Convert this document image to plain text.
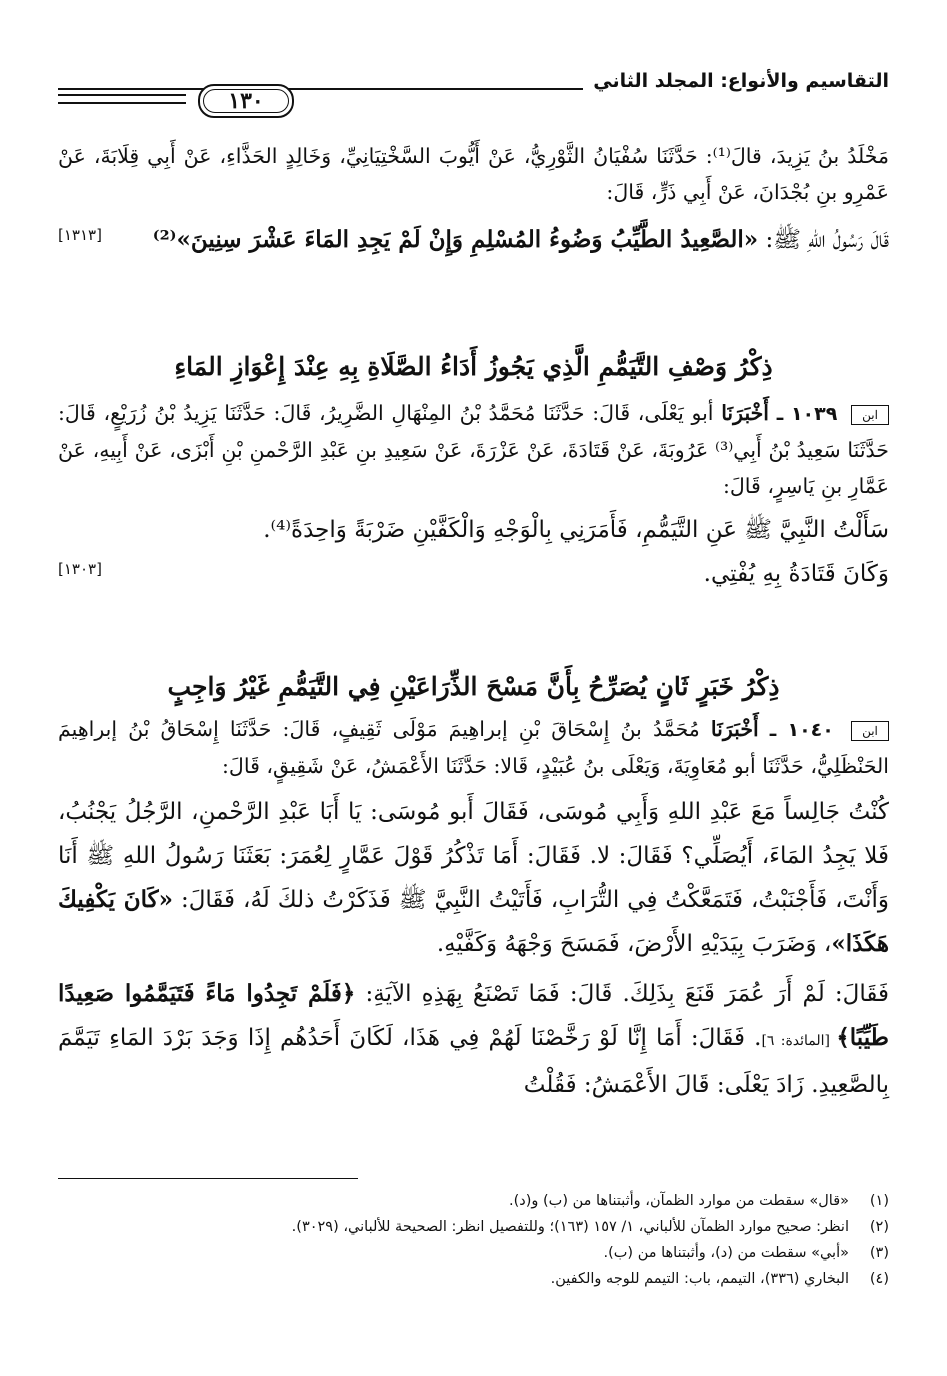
التقاسيم والأنواع: المجلد الثاني
١٣٠

مَخْلَدُ بنُ يَزِيدَ، قالَ⁽¹⁾: حَدَّثَنَا سُفْيَانُ الثَّوْرِيُّ، عَنْ أَيُّوبَ السَّخْتِيَانِيِّ، وَخَالِدٍ الحَذَّاءِ، عَنْ أَبِي قِلَابَةَ، عَنْ عَمْرِو بنِ بُجْدَانَ، عَنْ أَبِي ذَرٍّ، قَالَ:

قَالَ رَسُولُ اللهِ ﷺ: «الصَّعِيدُ الطَّيِّبُ وَضُوءُ المُسْلِمِ وَإِنْ لَمْ يَجِدِ المَاءَ عَشْرَ سِنِينَ»⁽²⁾
[١٣١٣]

ذِكْرُ وَصْفِ التَّيَمُّمِ الَّذِي يَجُوزُ أَدَاءُ الصَّلَاةِ بِهِ عِنْدَ إِعْوَازِ المَاءِ

ابن ١٠٣٩ ـ أَخْبَرَنَا أبو يَعْلَى، قَالَ: حَدَّثَنَا مُحَمَّدُ بْنُ المِنْهَالِ الضَّرِيرُ، قَالَ: حَدَّثَنَا يَزِيدُ بْنُ زُرَيْعٍ، قَالَ: حَدَّثَنَا سَعِيدُ بْنُ أَبِي⁽³⁾ عَرُوبَةَ، عَنْ قَتَادَةَ، عَنْ عَزْرَةَ، عَنْ سَعِيدِ بنِ عَبْدِ الرَّحْمنِ بْنِ أَبْزَى، عَنْ أَبِيهِ، عَنْ عَمَّارِ بنِ يَاسِرٍ، قَالَ:

سَأَلْتُ النَّبِيَّ ﷺ عَنِ التَّيَمُّمِ، فَأَمَرَنِي بِالْوَجْهِ وَالْكَفَّيْنِ ضَرْبَةً وَاحِدَةً⁽⁴⁾.

وَكَانَ قَتَادَةُ بِهِ يُفْتِي.
[١٣٠٣]

ذِكْرُ خَبَرٍ ثَانٍ يُصَرِّحُ بِأَنَّ مَسْحَ الذِّرَاعَيْنِ فِي التَّيَمُّمِ غَيْرُ وَاجِبٍ

ابن ١٠٤٠ ـ أَخْبَرَنَا مُحَمَّدُ بنُ إِسْحَاقَ بْنِ إبراهِيمَ مَوْلَى ثَقِيفٍ، قَالَ: حَدَّثَنَا إِسْحَاقُ بْنُ إبراهِيمَ الحَنْظَلِيُّ، حَدَّثَنَا أبو مُعَاوِيَةَ، وَيَعْلَى بنُ عُبَيْدٍ، قَالا: حَدَّثَنَا الأَعْمَشُ، عَنْ شَقِيقٍ، قَالَ:

كُنْتُ جَالِساً مَعَ عَبْدِ اللهِ وَأَبِي مُوسَى، فَقَالَ أَبو مُوسَى: يَا أَبَا عَبْدِ الرَّحْمنِ، الرَّجُلُ يَجْنُبُ، فَلا يَجِدُ المَاءَ، أَيُصَلِّي؟ فَقَالَ: لا. فَقَالَ: أَمَا تَذْكُرُ قَوْلَ عَمَّارٍ لِعُمَرَ: بَعَثَنَا رَسُولُ اللهِ ﷺ أَنَا وَأَنْتَ، فَأَجْنَبْتُ، فَتَمَعَّكْتُ فِي التُّرَابِ، فَأَتَيْتُ النَّبِيَّ ﷺ فَذَكَرْتُ ذلكَ لَهُ، فَقَالَ: «كَانَ يَكْفِيكَ هَكَذَا»، وَضَرَبَ بِيَدَيْهِ الأَرْضَ، فَمَسَحَ وَجْهَهُ وَكَفَّيْهِ.

فَقَالَ: لَمْ أَرَ عُمَرَ قَنَعَ بِذَلِكَ. قَالَ: فَمَا تَصْنَعُ بِهَذِهِ الآيَةِ: ﴿فَلَمْ تَجِدُوا مَاءً فَتَيَمَّمُوا صَعِيدًا طَيِّبًا﴾ [المائدة: ٦]. فَقَالَ: أَمَا إِنَّا لَوْ رَخَّصْنَا لَهُمْ فِي هَذَا، لَكَانَ أَحَدُهُم إِذَا وَجَدَ بَرْدَ المَاءِ تَيَمَّمَ بِالصَّعِيدِ. زَادَ يَعْلَى: قَالَ الأَعْمَشُ: فَقُلْتُ

(١)«قال» سقطت من موارد الظمآن، وأثبتناها من (ب) و(د).
(٢)انظر: صحيح موارد الظمآن للألباني، ١/ ١٥٧ (١٦٣)؛ وللتفصيل انظر: الصحيحة للألباني، (٣٠٢٩).
(٣)«أبي» سقطت من (د)، وأثبتناها من (ب).
(٤)البخاري (٣٣٦)، التيمم، باب: التيمم للوجه والكفين.
